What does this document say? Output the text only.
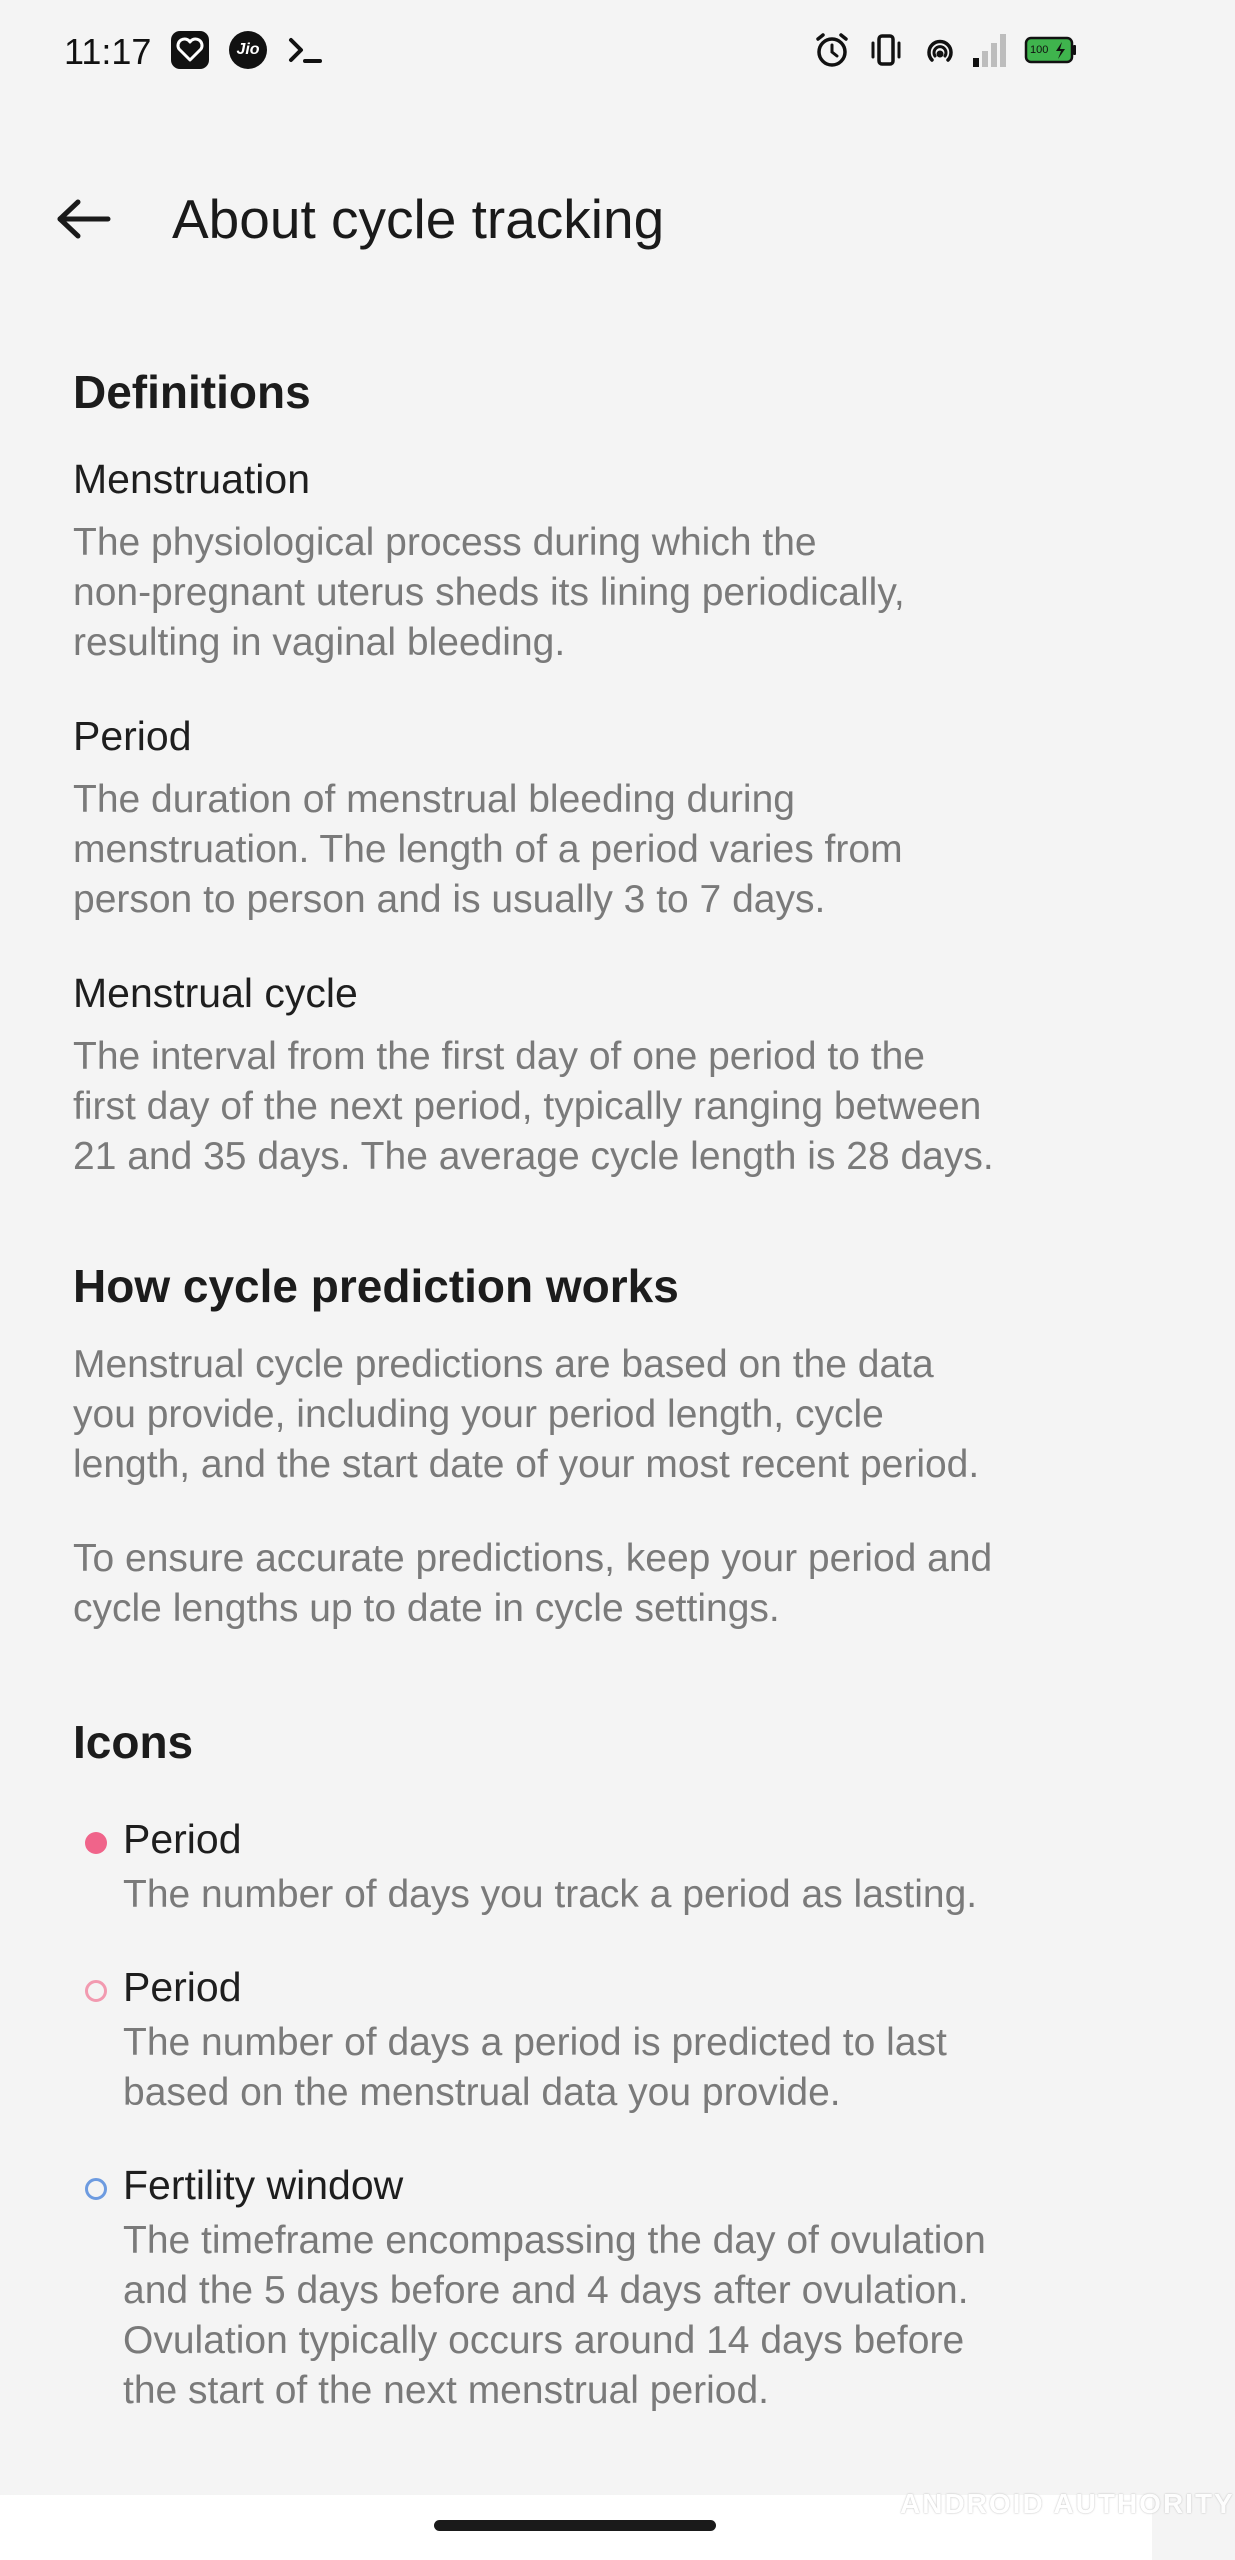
11:17	Jio	100
About cycle tracking
Definitions

Menstruation

The physiological process during which the

non-pregnant uterus sheds its lining periodically,

resulting in vaginal bleeding.

Period

The duration of menstrual bleeding during

menstruation. The length of a period varies from

person to person and is usually 3 to 7 days.

Menstrual cycle

The interval from the first day of one period to the

first day of the next period, typically ranging between

21 and 35 days. The average cycle length is 28 days.

How cycle prediction works

Menstrual cycle predictions are based on the data

you provide, including your period length, cycle

length, and the start date of your most recent period.

To ensure accurate predictions, keep your period and

cycle lengths up to date in cycle settings.

Icons

Period

The number of days you track a period as lasting.

Period

The number of days a period is predicted to last

based on the menstrual data you provide.

Fertility window

The timeframe encompassing the day of ovulation

and the 5 days before and 4 days after ovulation.

Ovulation typically occurs around 14 days before

the start of the next menstrual period.

ANDROID AUTHORITY
